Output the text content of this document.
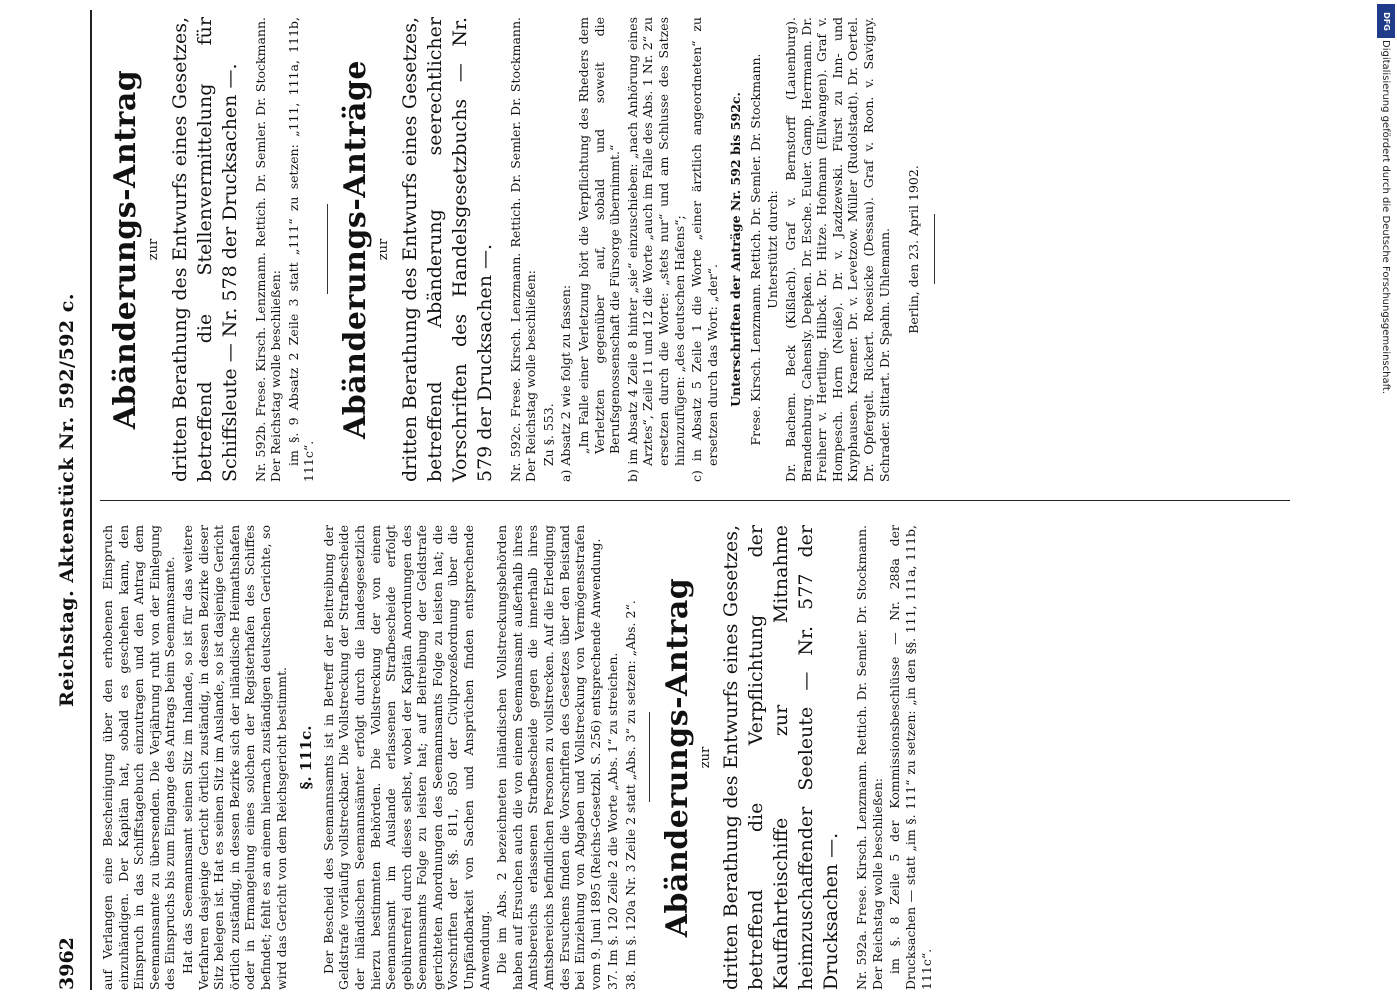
3962
Reichstag. Aktenstück Nr. 592/592 c.

auf Verlangen eine Bescheinigung über den erhobenen Einspruch einzuhändigen. Der Kapitän hat, sobald es geschehen kann, den Einspruch in das Schiffstagebuch einzutragen und den Antrag dem Seemannsamte zu übersenden. Die Verjährung ruht von der Einlegung des Einspruchs bis zum Eingange des Antrags beim Seemannsamte. Hat das Seemannsamt seinen Sitz im Inlande, so ist für das weitere Verfahren dasjenige Gericht örtlich zuständig, in dessen Bezirke dieser Sitz belegen ist. Hat es seinen Sitz im Auslande, so ist dasjenige Gericht örtlich zuständig, in dessen Bezirke sich der inländische Heimathshafen oder in Ermangelung eines solchen der Registerhafen des Schiffes befindet; fehlt es an einem hiernach zuständigen deutschen Gerichte, so wird das Gericht von dem Reichsgericht bestimmt. §. 111c. Der Bescheid des Seemannsamts ist in Betreff der Beitreibung der Geldstrafe vorläufig vollstreckbar. Die Vollstreckung der Strafbescheide der inländischen Seemannsämter erfolgt durch die landesgesetzlich hierzu bestimmten Behörden. Die Vollstreckung der von einem Seemannsamt im Auslande erlassenen Strafbescheide erfolgt gebührenfrei durch dieses selbst, wobei der Kapitän Anordnungen des Seemannsamts Folge zu leisten hat; auf Beitreibung der Geldstrafe gerichteten Anordnungen des Seemannsamts Folge zu leisten hat; die Vorschriften der §§. 811, 850 der Civilprozeßordnung über die Unpfändbarkeit von Sachen und Ansprüchen finden entsprechende Anwendung. Die im Abs. 2 bezeichneten inländischen Vollstreckungsbehörden haben auf Ersuchen auch die von einem Seemannsamt außerhalb ihres Amtsbereichs erlassenen Strafbescheide gegen die innerhalb ihres Amtsbereichs befindlichen Personen zu vollstrecken. Auf die Erledigung des Ersuchens finden die Vorschriften des Gesetzes über den Beistand bei Einziehung von Abgaben und Vollstreckung von Vermögensstrafen vom 9. Juni 1895 (Reichs-Gesetzbl. S. 256) entsprechende Anwendung. 37. Im §. 120 Zeile 2 die Worte „Abs. 1“ zu streichen. 38. Im §. 120a Nr. 3 Zeile 2 statt „Abs. 3“ zu setzen: „Abs. 2“. Abänderungs-Antrag zur dritten Berathung des Entwurfs eines Gesetzes, betreffend die Verpflichtung der Kauffahrteischiffe zur Mitnahme heimzuschaffender Seeleute — Nr. 577 der Drucksachen —. Nr. 592a. Frese. Kirsch. Lenzmann. Rettich. Dr. Semler. Dr. Stockmann. Der Reichstag wolle beschließen: im §. 8 Zeile 5 der Kommissionsbeschlüsse — Nr. 288a der Drucksachen — statt „im §. 111“ zu setzen: „in den §§. 111, 111a, 111b, 111c“.

Abänderungs-Antrag zur dritten Berathung des Entwurfs eines Gesetzes, betreffend die Stellenvermittelung für Schiffsleute — Nr. 578 der Drucksachen —. Nr. 592b. Frese. Kirsch. Lenzmann. Rettich. Dr. Semler. Dr. Stockmann. Der Reichstag wolle beschließen: im §. 9 Absatz 2 Zeile 3 statt „111“ zu setzen: „111, 111a, 111b, 111c“.

Abänderungs-Anträge zur dritten Berathung des Entwurfs eines Gesetzes, betreffend Abänderung seerechtlicher Vorschriften des Handelsgesetzbuchs — Nr. 579 der Drucksachen —. Nr. 592c. Frese. Kirsch. Lenzmann. Rettich. Dr. Semler. Dr. Stockmann. Der Reichstag wolle beschließen: Zu §. 553. a) Absatz 2 wie folgt zu fassen: „Im Falle einer Verletzung hört die Verpflichtung des Rheders dem Verletzten gegenüber auf, sobald und soweit die Berufsgenossenschaft die Fürsorge übernimmt.“ b) im Absatz 4 Zeile 8 hinter „sie“ einzuschieben: „nach Anhörung eines Arztes“, Zeile 11 und 12 die Worte „auch im Falle des Abs. 1 Nr. 2“ zu ersetzen durch die Worte: „stets nur“ und am Schlusse des Satzes hinzuzufügen: „des deutschen Hafens“; c) in Absatz 5 Zeile 1 die Worte „einer ärztlich angeordneten“ zu ersetzen durch das Wort: „der“. Unterschriften der Anträge Nr. 592 bis 592c. Frese. Kirsch. Lenzmann. Rettich. Dr. Semler. Dr. Stockmann. Unterstützt durch: Dr. Bachem. Beck (Kißlach). Graf v. Bernstorff (Lauenburg). Brandenburg. Cahensly. Depken. Dr. Esche. Euler. Gamp. Herrmann. Dr. Freiherr v. Hertling. Hilbck. Dr. Hitze. Hofmann (Ellwangen). Graf v. Hompesch. Horn (Neiße). Dr. v. Jazdzewski. Fürst zu Inn- und Knyphausen. Kraemer. Dr. v. Levetzow. Müller (Rudolstadt). Dr. Oertel. Dr. Opfergelt. Rickert. Roesicke (Dessau). Graf v. Roon. v. Savigny. Schrader. Sittart. Dr. Spahn. Uhlemann. Berlin, den 23. April 1902.	Digitalisierung gefördert durch die Deutsche Forschungsgemeinschaft.
DFG
